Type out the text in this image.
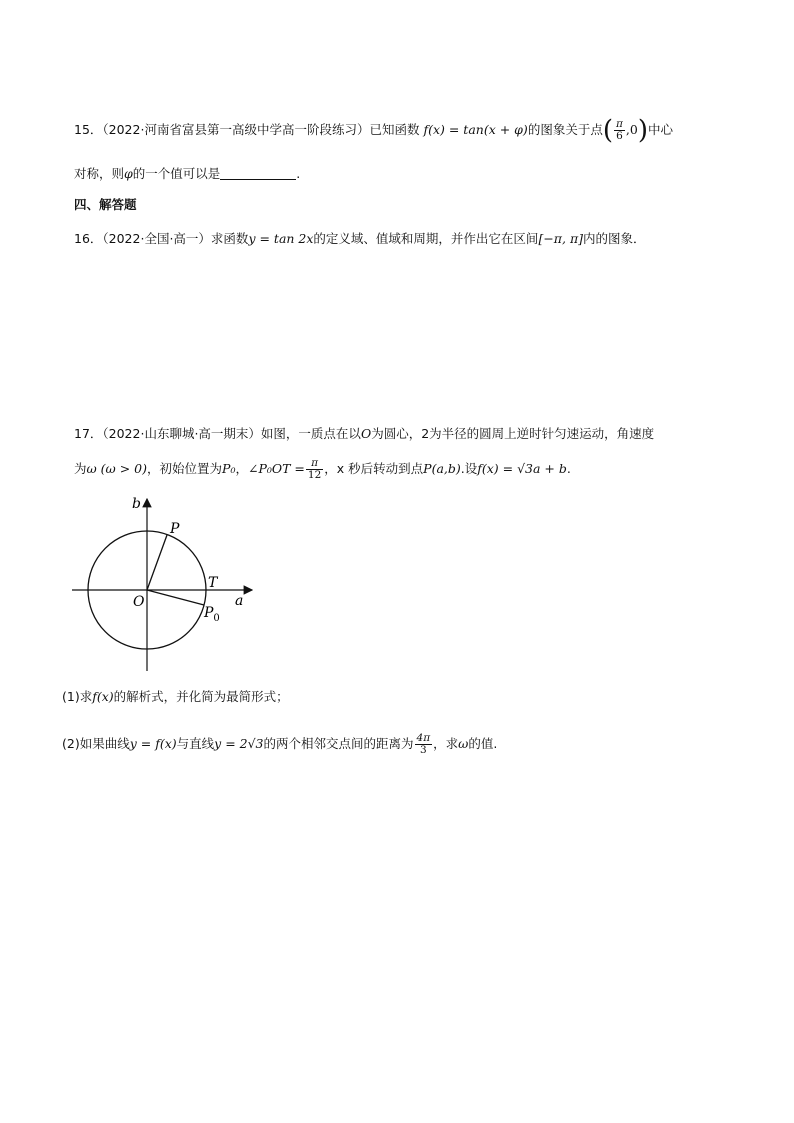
15．（2022·河南省富县第一高级中学高一阶段练习）已知函数 f(x) = tan(x + φ)的图象关于点( $\frac{\pi}{6} ,0$)中心
对称，则φ的一个值可以是	.
四、解答题
16．（2022·全国·高一）求函数y = tan 2x的定义域、值域和周期，并作出它在区间[−π, π]内的图象．
17．（2022·山东聊城·高一期末）如图，一质点在以O为圆心，2为半径的圆周上逆时针匀速运动，角速度
为ω (ω > 0)，初始位置为P₀，∠P₀OT = $\frac{\pi}{12}$ ，x 秒后转动到点P(a,b).设f(x) = √3a + b.
b
a
O
P
T
$P_0$
(1)求f(x)的解析式，并化简为最简形式；
(2)如果曲线y = f(x)与直线y = 2√3的两个相邻交点间的距离为 $\frac{4\pi}{3}$ ，求ω的值.
